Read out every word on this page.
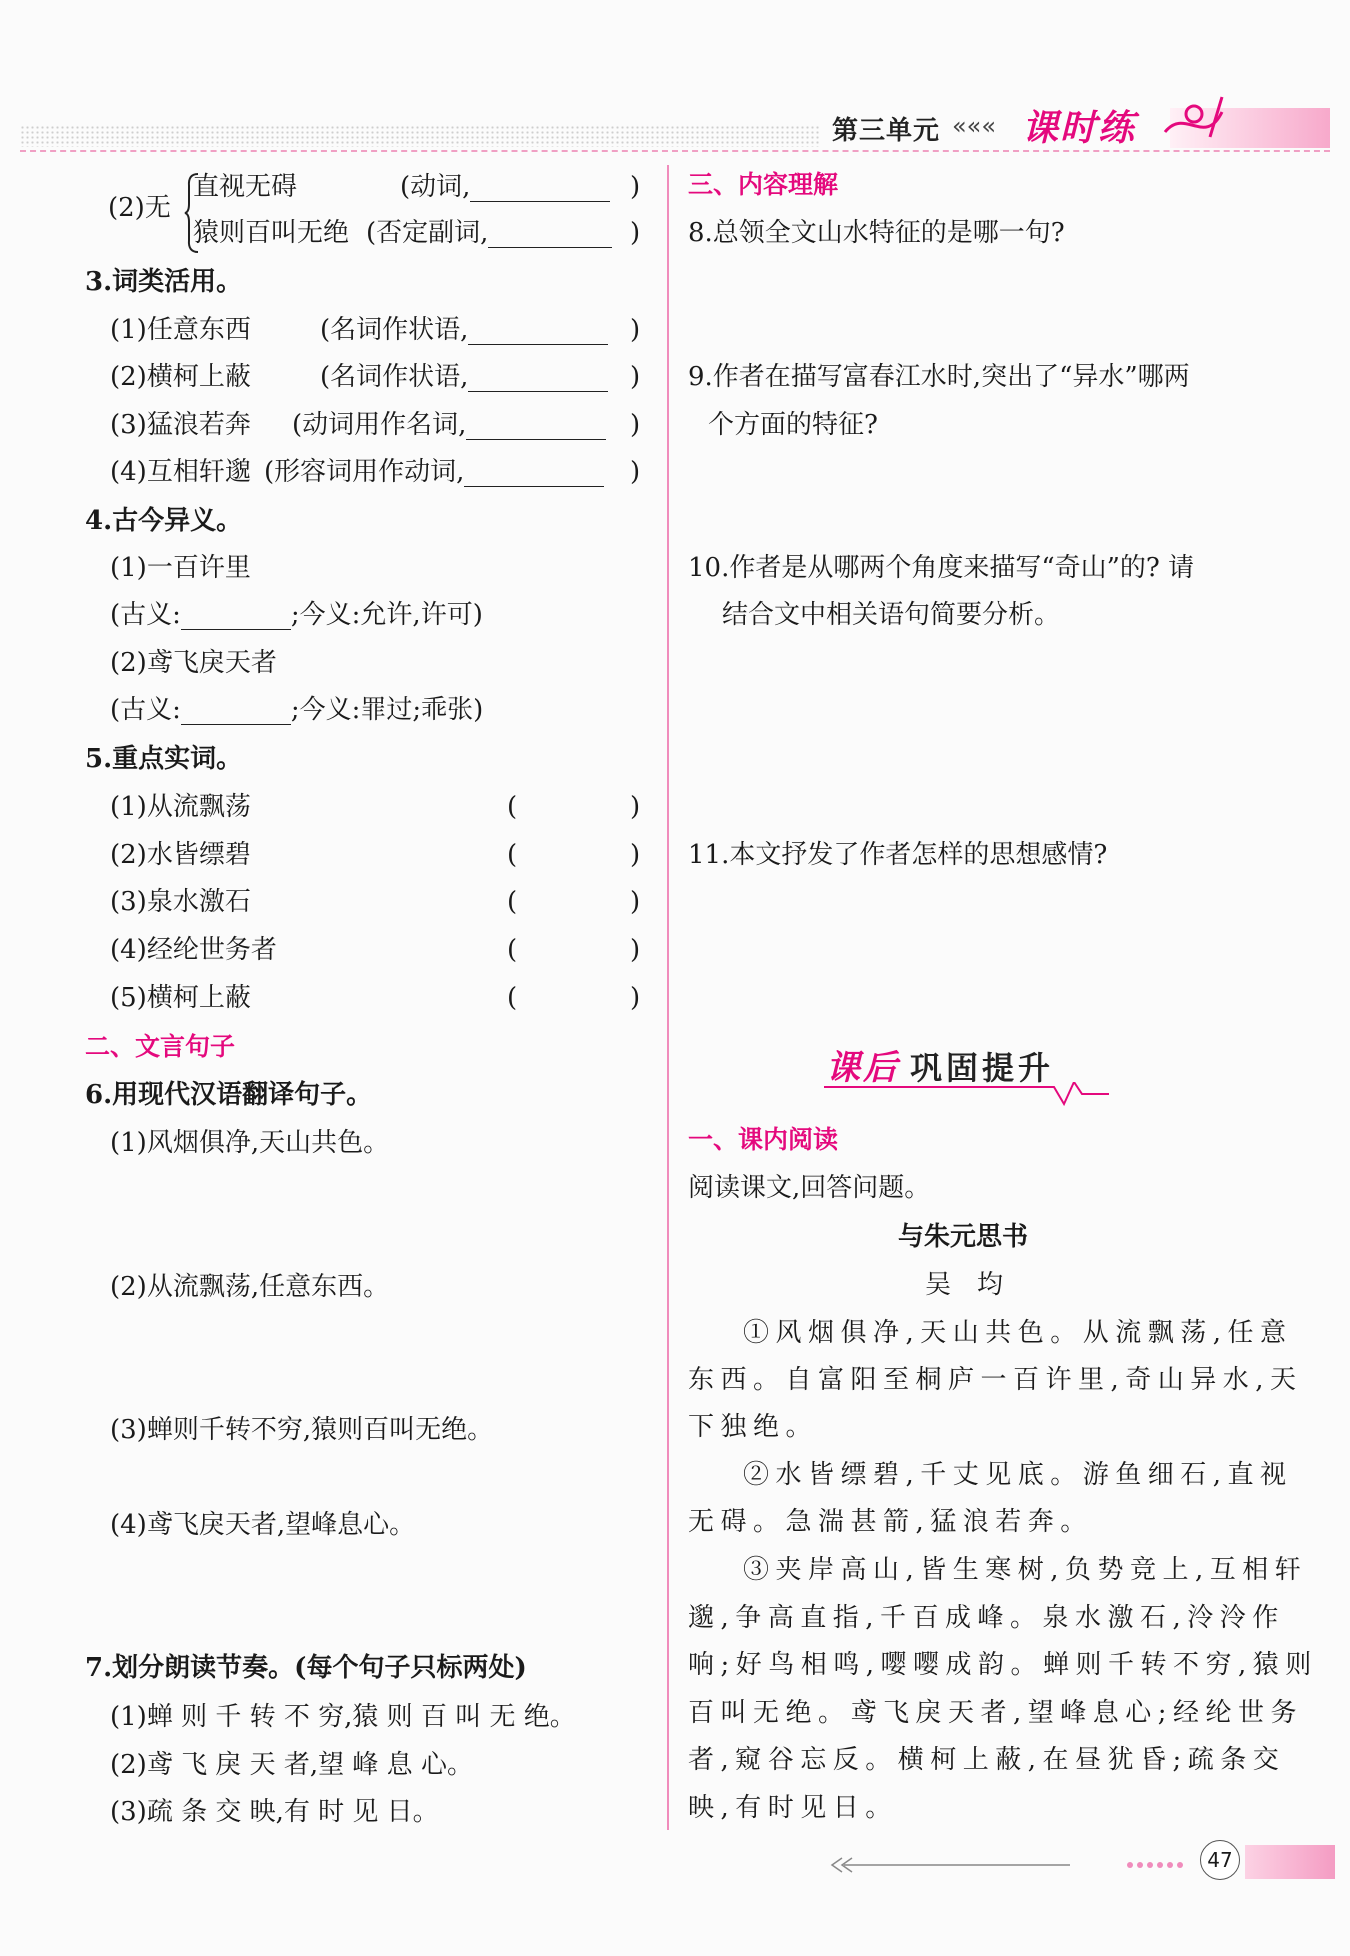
第三单元 ««« 课时练
(2)无
直视无碍	(动词,	)
猿则百叫无绝 (否定副词,	)
3.词类活用。
(1)任意东西	(名词作状语,	)
(2)横柯上蔽	(名词作状语,	)
(3)猛浪若奔 (动词用作名词,	)
(4)互相轩邈 (形容词用作动词,	)
4.古今异义。
(1)一百许里
(古义:	;今义:允许,许可)
(2)鸢飞戾天者
(古义:	;今义:罪过;乖张)
5.重点实词。
(1)从流飘荡	(	)
(2)水皆缥碧	(	)
(3)泉水激石	(	)
(4)经纶世务者	(	)
(5)横柯上蔽	(	)
二、文言句子
6.用现代汉语翻译句子。
(1)风烟俱净,天山共色。
(2)从流飘荡,任意东西。
(3)蝉则千转不穷,猿则百叫无绝。
(4)鸢飞戾天者,望峰息心。
7.划分朗读节奏。(每个句子只标两处)
(1)蝉 则 千 转 不 穷,猿 则 百 叫 无 绝。
(2)鸢 飞 戾 天 者,望 峰 息 心。
(3)疏 条 交 映,有 时 见 日。
三、内容理解
8.总领全文山水特征的是哪一句?
9.作者在描写富春江水时,突出了“异水”哪两
个方面的特征?
10.作者是从哪两个角度来描写“奇山”的? 请
结合文中相关语句简要分析。
11.本文抒发了作者怎样的思想感情?
课后 巩固提升
一、课内阅读
阅读课文,回答问题。
与朱元思书
吴　均
①风烟俱净,天山共色。从流飘荡,任意
东西。自富阳至桐庐一百许里,奇山异水,天
下独绝。
②水皆缥碧,千丈见底。游鱼细石,直视
无碍。急湍甚箭,猛浪若奔。
③夹岸高山,皆生寒树,负势竞上,互相轩
邈,争高直指,千百成峰。泉水激石,泠泠作
响;好鸟相鸣,嘤嘤成韵。蝉则千转不穷,猿则
百叫无绝。鸢飞戾天者,望峰息心;经纶世务
者,窥谷忘反。横柯上蔽,在昼犹昏;疏条交
映,有时见日。
47
